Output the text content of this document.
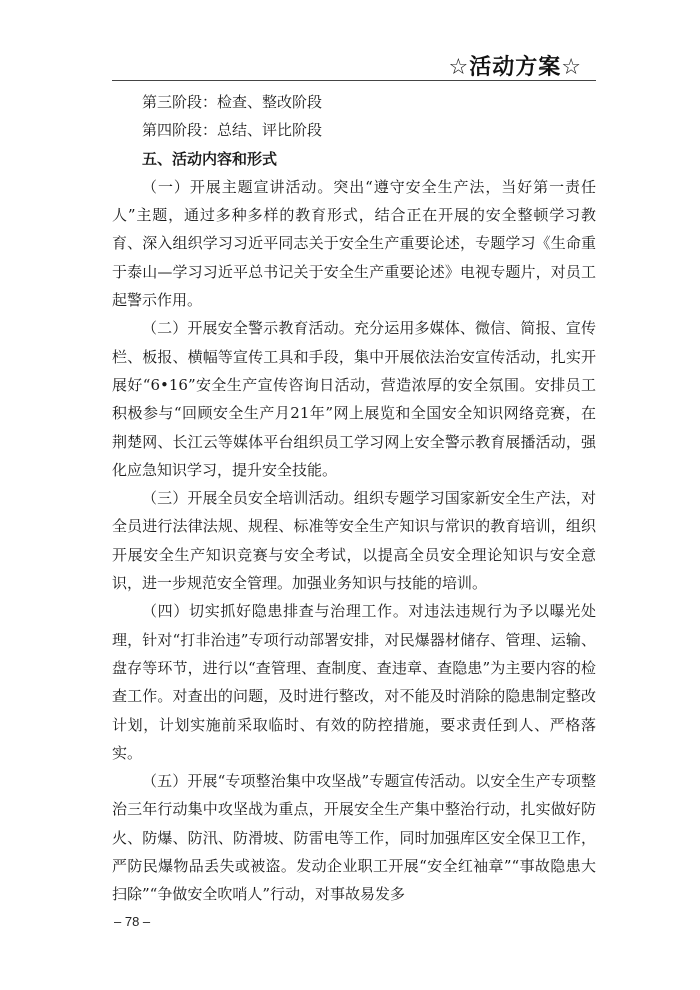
☆活动方案☆

第三阶段：检查、整改阶段

第四阶段：总结、评比阶段

五、活动内容和形式

（一）开展主题宣讲活动。突出“遵守安全生产法，当好第一责任人”主题，通过多种多样的教育形式，结合正在开展的安全整顿学习教育、深入组织学习习近平同志关于安全生产重要论述，专题学习《生命重于泰山—学习习近平总书记关于安全生产重要论述》电视专题片，对员工起警示作用。

（二）开展安全警示教育活动。充分运用多媒体、微信、简报、宣传栏、板报、横幅等宣传工具和手段，集中开展依法治安宣传活动，扎实开展好“6•16”安全生产宣传咨询日活动，营造浓厚的安全氛围。安排员工积极参与“回顾安全生产月21年”网上展览和全国安全知识网络竞赛，在荆楚网、长江云等媒体平台组织员工学习网上安全警示教育展播活动，强化应急知识学习，提升安全技能。

（三）开展全员安全培训活动。组织专题学习国家新安全生产法，对全员进行法律法规、规程、标准等安全生产知识与常识的教育培训，组织开展安全生产知识竞赛与安全考试，以提高全员安全理论知识与安全意识，进一步规范安全管理。加强业务知识与技能的培训。

（四）切实抓好隐患排查与治理工作。对违法违规行为予以曝光处理，针对“打非治违”专项行动部署安排，对民爆器材储存、管理、运输、盘存等环节，进行以“查管理、查制度、查违章、查隐患”为主要内容的检查工作。对查出的问题，及时进行整改，对不能及时消除的隐患制定整改计划，计划实施前采取临时、有效的防控措施，要求责任到人、严格落实。

（五）开展“专项整治集中攻坚战”专题宣传活动。以安全生产专项整治三年行动集中攻坚战为重点，开展安全生产集中整治行动，扎实做好防火、防爆、防汛、防滑坡、防雷电等工作，同时加强库区安全保卫工作，严防民爆物品丢失或被盗。发动企业职工开展“安全红袖章”“事故隐患大扫除”“争做安全吹哨人”行动，对事故易发多

– 78 –
